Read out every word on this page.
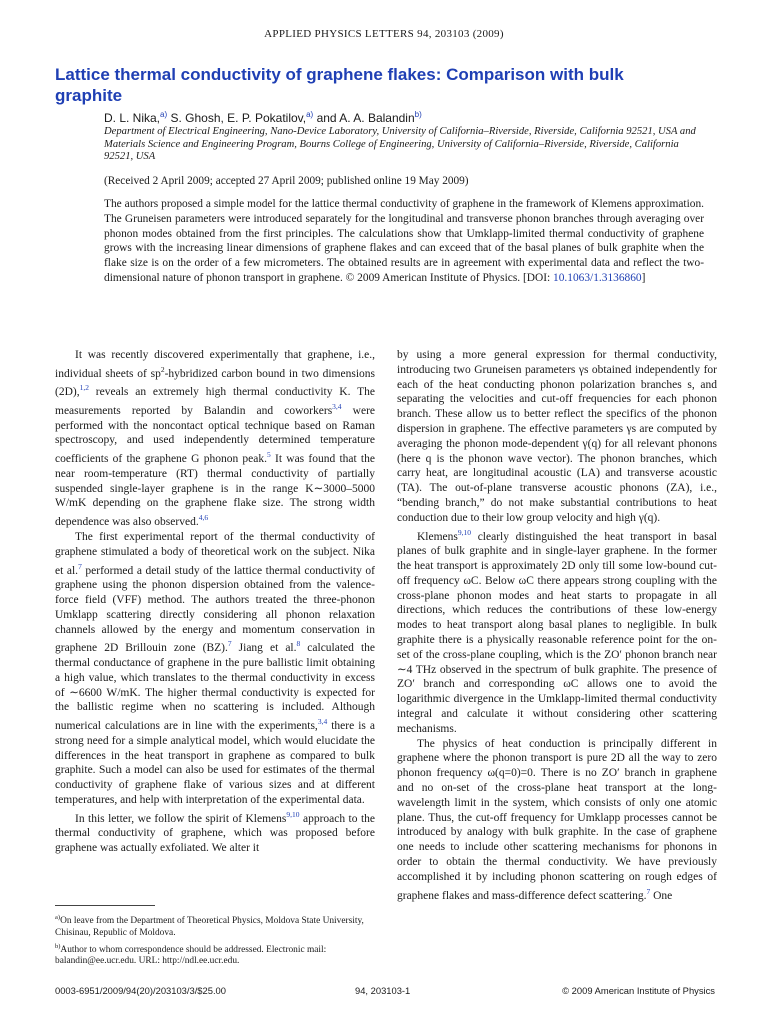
APPLIED PHYSICS LETTERS 94, 203103 (2009)
Lattice thermal conductivity of graphene flakes: Comparison with bulk graphite
D. L. Nika,$^{a)}$ S. Ghosh, E. P. Pokatilov,$^{a)}$ and A. A. Balandin$^{b)}$
Department of Electrical Engineering, Nano-Device Laboratory, University of California–Riverside, Riverside, California 92521, USA and Materials Science and Engineering Program, Bourns College of Engineering, University of California–Riverside, Riverside, California 92521, USA
(Received 2 April 2009; accepted 27 April 2009; published online 19 May 2009)
The authors proposed a simple model for the lattice thermal conductivity of graphene in the framework of Klemens approximation. The Gruneisen parameters were introduced separately for the longitudinal and transverse phonon branches through averaging over phonon modes obtained from the first principles. The calculations show that Umklapp-limited thermal conductivity of graphene grows with the increasing linear dimensions of graphene flakes and can exceed that of the basal planes of bulk graphite when the flake size is on the order of a few micrometers. The obtained results are in agreement with experimental data and reflect the two-dimensional nature of phonon transport in graphene. © 2009 American Institute of Physics. [DOI: 10.1063/1.3136860]

It was recently discovered experimentally that graphene, i.e., individual sheets of $sp^2$-hybridized carbon bound in two dimensions (2D),$^{1,2}$ reveals an extremely high thermal conductivity K. The measurements reported by Balandin and coworkers$^{3,4}$ were performed with the noncontact optical technique based on Raman spectroscopy, and used independently determined temperature coefficients of the graphene G phonon peak.$^5$ It was found that the near room-temperature (RT) thermal conductivity of partially suspended single-layer graphene is in the range K∼3000–5000 W/mK depending on the graphene flake size. The strong width dependence was also observed.$^{4,6}$

The first experimental report of the thermal conductivity of graphene stimulated a body of theoretical work on the subject. Nika et al.$^7$ performed a detail study of the lattice thermal conductivity of graphene using the phonon dispersion obtained from the valence-force field (VFF) method. The authors treated the three-phonon Umklapp scattering directly considering all phonon relaxation channels allowed by the energy and momentum conservation in graphene 2D Brillouin zone (BZ).$^7$ Jiang et al.$^8$ calculated the thermal conductance of graphene in the pure ballistic limit obtaining a high value, which translates to the thermal conductivity in excess of ∼6600 W/mK. The higher thermal conductivity is expected for the ballistic regime when no scattering is included. Although numerical calculations are in line with the experiments,$^{3,4}$ there is a strong need for a simple analytical model, which would elucidate the differences in the heat transport in graphene as compared to bulk graphite. Such a model can also be used for estimates of the thermal conductivity of graphene flake of various sizes and at different temperatures, and help with interpretation of the experimental data.

In this letter, we follow the spirit of Klemens$^{9,10}$ approach to the thermal conductivity of graphene, which was proposed before graphene was actually exfoliated. We alter it

by using a more general expression for thermal conductivity, introducing two Gruneisen parameters γs obtained independently for each of the heat conducting phonon polarization branches s, and separating the velocities and cut-off frequencies for each phonon branch. These allow us to better reflect the specifics of the phonon dispersion in graphene. The effective parameters γs are computed by averaging the phonon mode-dependent γ(q) for all relevant phonons (here q is the phonon wave vector). The phonon branches, which carry heat, are longitudinal acoustic (LA) and transverse acoustic (TA). The out-of-plane transverse acoustic phonons (ZA), i.e., “bending branch,” do not make substantial contributions to heat conduction due to their low group velocity and high γ(q).

Klemens$^{9,10}$ clearly distinguished the heat transport in basal planes of bulk graphite and in single-layer graphene. In the former the heat transport is approximately 2D only till some low-bound cut-off frequency ωC. Below ωC there appears strong coupling with the cross-plane phonon modes and heat starts to propagate in all directions, which reduces the contributions of these low-energy modes to heat transport along basal planes to negligible. In bulk graphite there is a physically reasonable reference point for the on-set of the cross-plane coupling, which is the ZO′ phonon branch near ∼4 THz observed in the spectrum of bulk graphite. The presence of ZO′ branch and corresponding ωC allows one to avoid the logarithmic divergence in the Umklapp-limited thermal conductivity integral and calculate it without considering other scattering mechanisms.

The physics of heat conduction is principally different in graphene where the phonon transport is pure 2D all the way to zero phonon frequency ω(q=0)=0. There is no ZO′ branch in graphene and no on-set of the cross-plane heat transport at the long-wavelength limit in the system, which consists of only one atomic plane. Thus, the cut-off frequency for Umklapp processes cannot be introduced by analogy with bulk graphite. In the case of graphene one needs to include other scattering mechanisms for phonons in order to obtain the thermal conductivity. We have previously accomplished it by including phonon scattering on rough edges of graphene flakes and mass-difference defect scattering.$^7$ One

$^{a)}$On leave from the Department of Theoretical Physics, Moldova State University, Chisinau, Republic of Moldova.

$^{b)}$Author to whom correspondence should be addressed. Electronic mail: balandin@ee.ucr.edu. URL: http://ndl.ee.ucr.edu.

0003-6951/2009/94(20)/203103/3/$25.00	94, 203103-1	© 2009 American Institute of Physics
